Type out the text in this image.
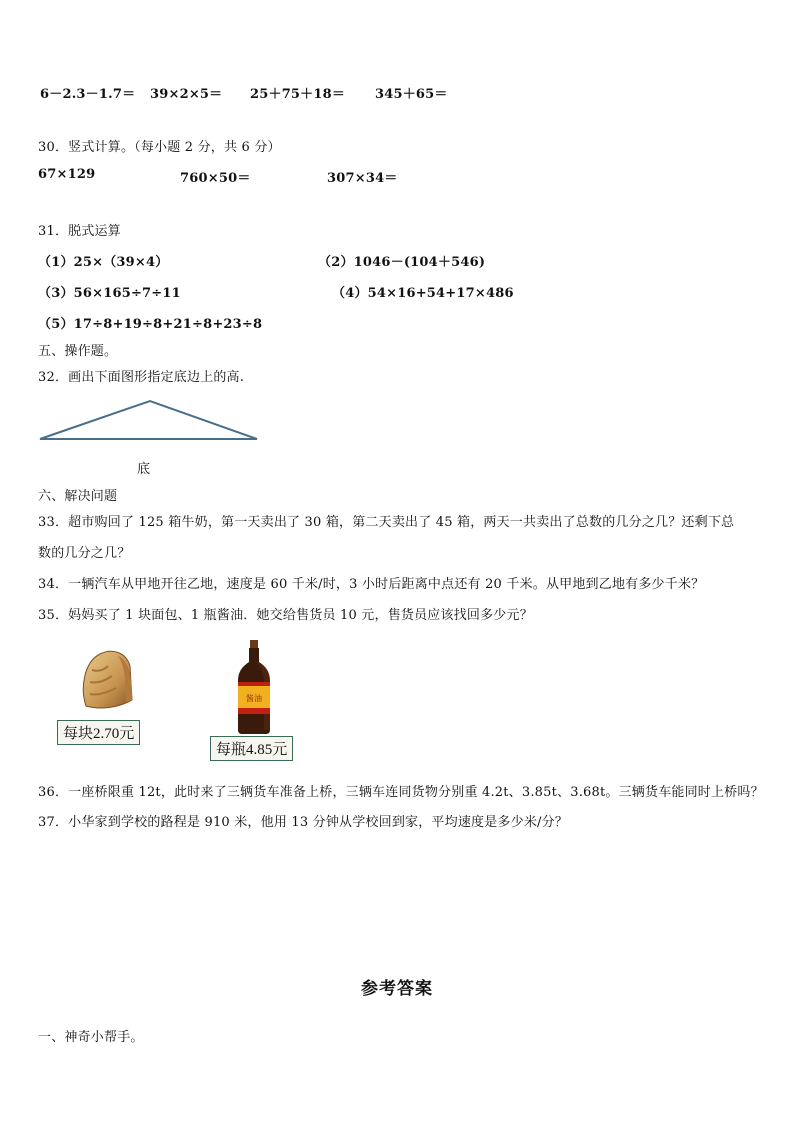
6－2.3－1.7＝ 39×2×5＝ 25＋75＋18＝ 345＋65＝
30．竖式计算。（每小题 2 分，共 6 分）
67×129	760×50＝	307×34＝
31．脱式运算
（1）25×（39×4）	（2）1046－(104＋546)
（3）56×165÷7÷11	（4）54×16+54+17×486
（5）17÷8+19÷8+21÷8+23÷8
五、操作题。
32．画出下面图形指定底边上的高.
底
六、解决问题
33．超市购回了 125 箱牛奶，第一天卖出了 30 箱，第二天卖出了 45 箱，两天一共卖出了总数的几分之几？还剩下总
数的几分之几？
34．一辆汽车从甲地开往乙地，速度是 60 千米/时，3 小时后距离中点还有 20 千米。从甲地到乙地有多少千米？
35．妈妈买了 1 块面包、1 瓶酱油．她交给售货员 10 元，售货员应该找回多少元？
每块2.70元
酱油
每瓶4.85元
36．一座桥限重 12t，此时来了三辆货车准备上桥，三辆车连同货物分别重 4.2t、3.85t、3.68t。三辆货车能同时上桥吗？
37．小华家到学校的路程是 910 米，他用 13 分钟从学校回到家，平均速度是多少米/分？
参考答案
一、神奇小帮手。
